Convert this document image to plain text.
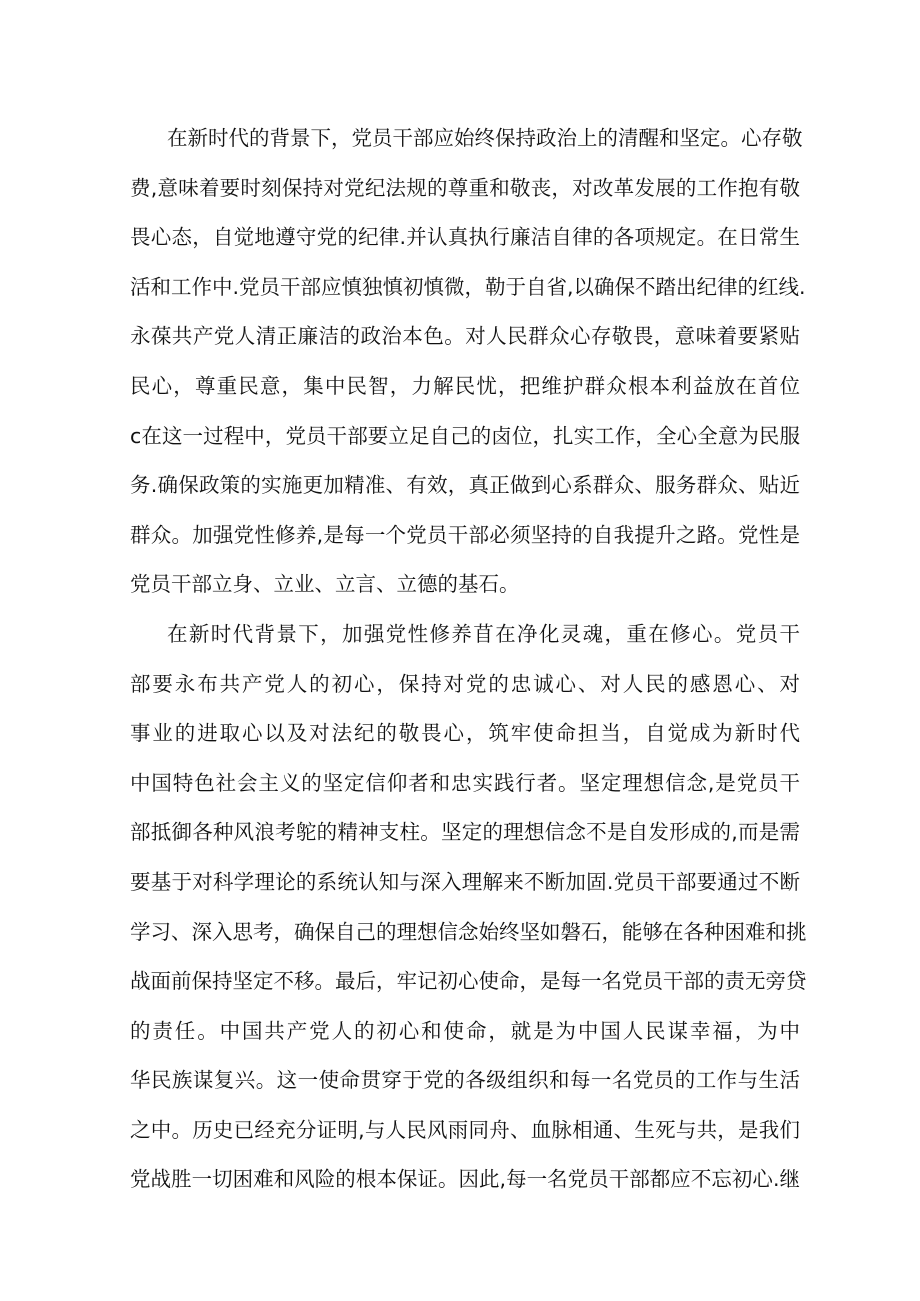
在新时代的背景下，党员干部应始终保持政治上的清醒和坚定。心存敬
费,意味着要时刻保持对党纪法规的尊重和敬丧，对改革发展的工作抱有敬
畏心态，自觉地遵守党的纪律.并认真执行廉洁自律的各项规定。在日常生
活和工作中.党员干部应慎独慎初慎微，勒于自省,以确保不踏出纪律的红线.
永葆共产党人清正廉洁的政治本色。对人民群众心存敬畏，意味着要紧贴
民心，尊重民意，集中民智，力解民忧，把维护群众根本利益放在首位
c在这一过程中，党员干部要立足自己的卤位，扎实工作，全心全意为民服
务.确保政策的实施更加精准、有效，真正做到心系群众、服务群众、贴近
群众。加强党性修养,是每一个党员干部必须坚持的自我提升之路。党性是
党员干部立身、立业、立言、立德的基石。
在新时代背景下，加强党性修养苜在净化灵魂，重在修心。党员干
部要永布共产党人的初心，保持对党的忠诚心、对人民的感恩心、对
事业的进取心以及对法纪的敬畏心，筑牢使命担当，自觉成为新时代
中国特色社会主义的坚定信仰者和忠实践行者。坚定理想信念,是党员干
部抵御各种风浪考鸵的精神支柱。坚定的理想信念不是自发形成的,而是需
要基于对科学理论的系统认知与深入理解来不断加固.党员干部要通过不断
学习、深入思考，确保自己的理想信念始终坚如磐石，能够在各种困难和挑
战面前保持坚定不移。最后，牢记初心使命，是每一名党员干部的责无旁贷
的责任。中国共产党人的初心和使命，就是为中国人民谋幸福，为中
华民族谋复兴。这一使命贯穿于党的各级组织和每一名党员的工作与生活
之中。历史已经充分证明,与人民风雨同舟、血脉相通、生死与共，是我们
党战胜一切困难和风险的根本保证。因此,每一名党员干部都应不忘初心.继
